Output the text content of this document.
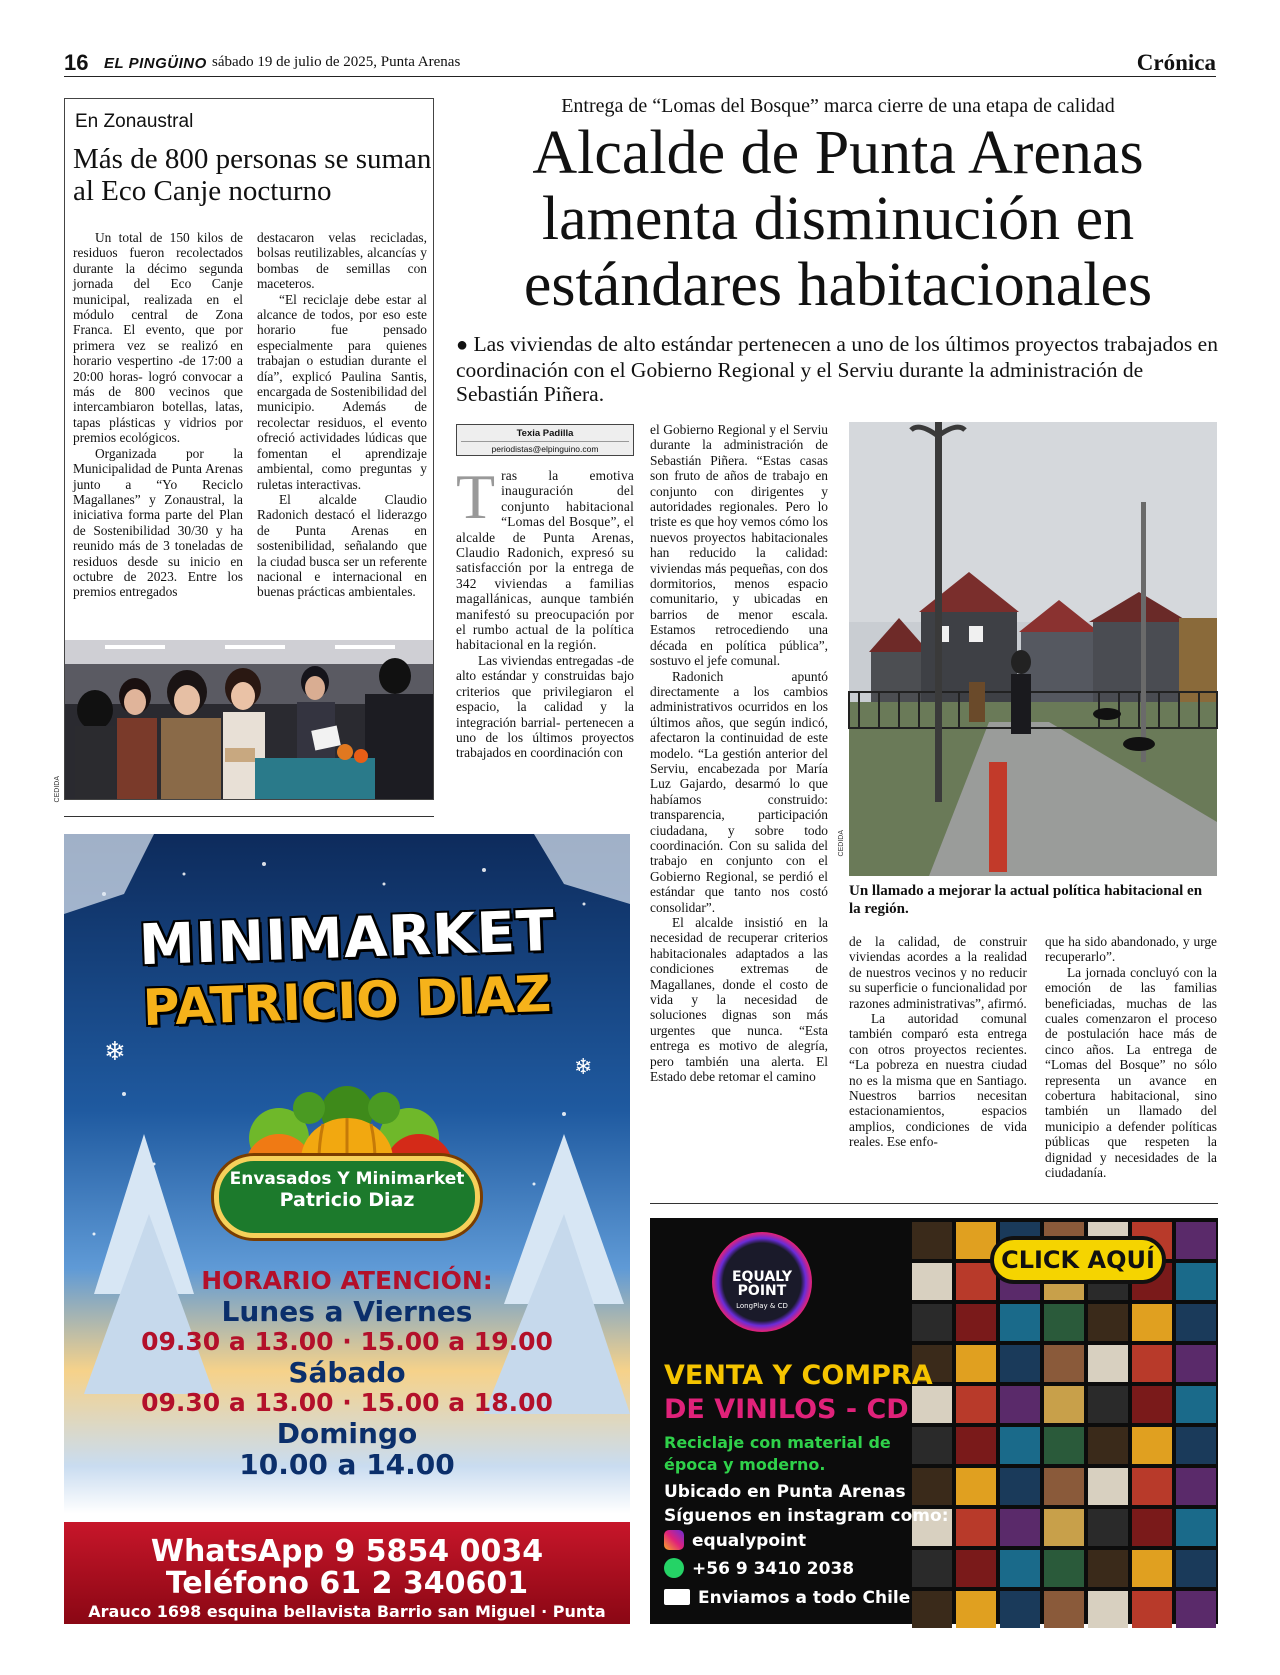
16 EL PINGÜINO sábado 19 de julio de 2025, Punta Arenas	Crónica
En Zonaustral
Más de 800 personas se suman al Eco Canje nocturno

Un total de 150 kilos de residuos fueron recolectados durante la décimo segunda jornada del Eco Canje municipal, realizada en el módulo central de Zona Franca. El evento, que por primera vez se realizó en horario vespertino -de 17:00 a 20:00 horas- logró convocar a más de 800 vecinos que intercambiaron botellas, latas, tapas plásticas y vidrios por premios ecológicos.

Organizada por la Municipalidad de Punta Arenas junto a “Yo Reciclo Magallanes” y Zonaustral, la iniciativa forma parte del Plan de Sostenibilidad 30/30 y ha reunido más de 3 toneladas de residuos desde su inicio en octubre de 2023. Entre los premios entregados

destacaron velas recicladas, bolsas reutilizables, alcancías y bombas de semillas con maceteros.

“El reciclaje debe estar al alcance de todos, por eso este horario fue pensado especialmente para quienes trabajan o estudian durante el día”, explicó Paulina Santis, encargada de Sostenibilidad del municipio. Además de recolectar residuos, el evento ofreció actividades lúdicas que fomentan el aprendizaje ambiental, como preguntas y ruletas interactivas.

El alcalde Claudio Radonich destacó el liderazgo de Punta Arenas en sostenibilidad, señalando que la ciudad busca ser un referente nacional e internacional en buenas prácticas ambientales.

CEDIDA
Entrega de “Lomas del Bosque” marca cierre de una etapa de calidad
Alcalde de Punta Arenas lamenta disminución en estándares habitacionales
● Las viviendas de alto estándar pertenecen a uno de los últimos proyectos trabajados en coordinación con el Gobierno Regional y el Serviu durante la administración de Sebastián Piñera.
Texia Padilla
periodistas@elpinguino.com

Tras la emotiva inauguración del conjunto habitacional “Lomas del Bosque”, el alcalde de Punta Arenas, Claudio Radonich, expresó su satisfacción por la entrega de 342 viviendas a familias magallánicas, aunque también manifestó su preocupación por el rumbo actual de la política habitacional en la región.

Las viviendas entregadas -de alto estándar y construidas bajo criterios que privilegiaron el espacio, la calidad y la integración barrial- pertenecen a uno de los últimos proyectos trabajados en coordinación con

el Gobierno Regional y el Serviu durante la administración de Sebastián Piñera. “Estas casas son fruto de años de trabajo en conjunto con dirigentes y autoridades regionales. Pero lo triste es que hoy vemos cómo los nuevos proyectos habitacionales han reducido la calidad: viviendas más pequeñas, con dos dormitorios, menos espacio comunitario, y ubicadas en barrios de menor escala. Estamos retrocediendo una década en política pública”, sostuvo el jefe comunal.

Radonich apuntó directamente a los cambios administrativos ocurridos en los últimos años, que según indicó, afectaron la continuidad de este modelo. “La gestión anterior del Serviu, encabezada por María Luz Gajardo, desarmó lo que habíamos construido: transparencia, participación ciudadana, y sobre todo coordinación. Con su salida del trabajo en conjunto con el Gobierno Regional, se perdió el estándar que tanto nos costó consolidar”.

El alcalde insistió en la necesidad de recuperar criterios habitacionales adaptados a las condiciones extremas de Magallanes, donde el costo de vida y la necesidad de soluciones dignas son más urgentes que nunca. “Esta entrega es motivo de alegría, pero también una alerta. El Estado debe retomar el camino

CEDIDA
Un llamado a mejorar la actual política habitacional en la región.

de la calidad, de construir viviendas acordes a la realidad de nuestros vecinos y no reducir su superficie o funcionalidad por razones administrativas”, afirmó.

La autoridad comunal también comparó esta entrega con otros proyectos recientes. “La pobreza en nuestra ciudad no es la misma que en Santiago. Nuestros barrios necesitan estacionamientos, espacios amplios, condiciones de vida reales. Ese enfo-

que ha sido abandonado, y urge recuperarlo”.

La jornada concluyó con la emoción de las familias beneficiadas, muchas de las cuales comenzaron el proceso de postulación hace más de cinco años. La entrega de “Lomas del Bosque” no sólo representa un avance en cobertura habitacional, sino también un llamado del municipio a defender políticas públicas que respeten la dignidad y necesidades de la ciudadanía.

❄
❄
MINIMARKET
PATRICIO DIAZ
Envasados Y Minimarket
Patricio Diaz
HORARIO ATENCIÓN:
Lunes a Viernes
09.30 a 13.00 · 15.00 a 19.00
Sábado
09.30 a 13.00 · 15.00 a 18.00
Domingo
10.00 a 14.00
WhatsApp 9 5854 0034
Teléfono 61 2 340601
Arauco 1698 esquina bellavista Barrio san Miguel · Punta Arenas
EQUALY
POINT
LongPlay & CD
CLICK AQUÍ
VENTA Y COMPRA
DE VINILOS - CD
Reciclaje con material de época y moderno.
Ubicado en Punta Arenas
Síguenos en instagram como:
equalypoint
+56 9 3410 2038
Enviamos a todo Chile
